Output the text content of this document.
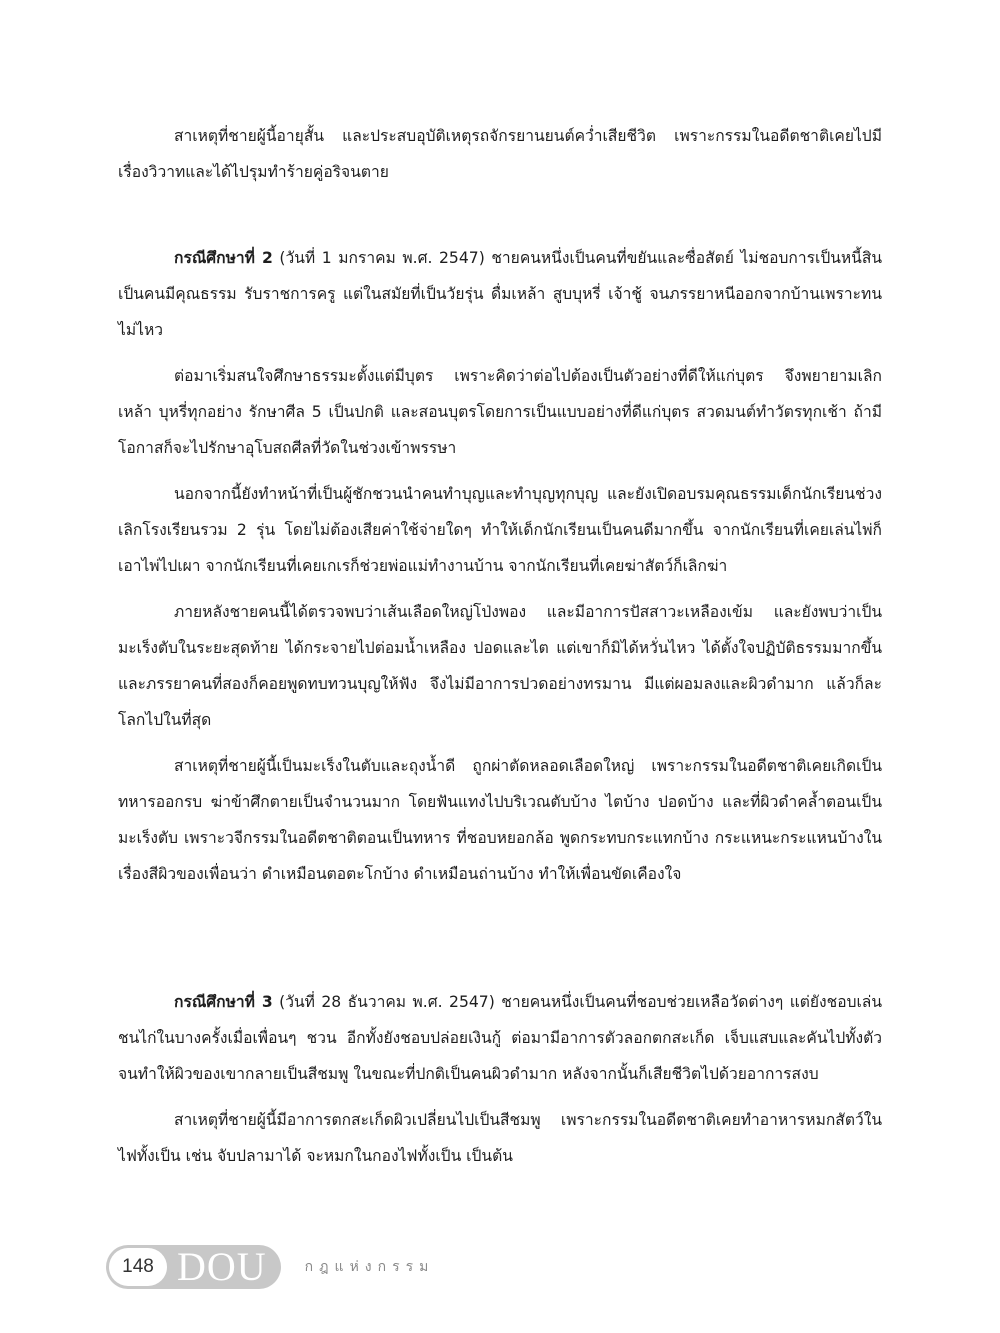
สาเหตุที่ชายผู้นี้อายุสั้น และประสบอุบัติเหตุรถจักรยานยนต์คว่ำเสียชีวิต เพราะกรรมในอดีตชาติเคยไปมีเรื่องวิวาทและได้ไปรุมทำร้ายคู่อริจนตาย

กรณีศึกษาที่ 2 (วันที่ 1 มกราคม พ.ศ. 2547) ชายคนหนึ่งเป็นคนที่ขยันและซื่อสัตย์ ไม่ชอบการเป็นหนี้สิน เป็นคนมีคุณธรรม รับราชการครู แต่ในสมัยที่เป็นวัยรุ่น ดื่มเหล้า สูบบุหรี่ เจ้าชู้ จนภรรยาหนีออกจากบ้านเพราะทนไม่ไหว

ต่อมาเริ่มสนใจศึกษาธรรมะตั้งแต่มีบุตร เพราะคิดว่าต่อไปต้องเป็นตัวอย่างที่ดีให้แก่บุตร จึงพยายามเลิกเหล้า บุหรี่ทุกอย่าง รักษาศีล 5 เป็นปกติ และสอนบุตรโดยการเป็นแบบอย่างที่ดีแก่บุตร สวดมนต์ทำวัตรทุกเช้า ถ้ามีโอกาสก็จะไปรักษาอุโบสถศีลที่วัดในช่วงเข้าพรรษา

นอกจากนี้ยังทำหน้าที่เป็นผู้ชักชวนนำคนทำบุญและทำบุญทุกบุญ และยังเปิดอบรมคุณธรรมเด็กนักเรียนช่วงเลิกโรงเรียนรวม 2 รุ่น โดยไม่ต้องเสียค่าใช้จ่ายใดๆ ทำให้เด็กนักเรียนเป็นคนดีมากขึ้น จากนักเรียนที่เคยเล่นไพ่ก็เอาไพ่ไปเผา จากนักเรียนที่เคยเกเรก็ช่วยพ่อแม่ทำงานบ้าน จากนักเรียนที่เคยฆ่าสัตว์ก็เลิกฆ่า

ภายหลังชายคนนี้ได้ตรวจพบว่าเส้นเลือดใหญ่โป่งพอง และมีอาการปัสสาวะเหลืองเข้ม และยังพบว่าเป็นมะเร็งตับในระยะสุดท้าย ได้กระจายไปต่อมน้ำเหลือง ปอดและไต แต่เขาก็มิได้หวั่นไหว ได้ตั้งใจปฏิบัติธรรมมากขึ้น และภรรยาคนที่สองก็คอยพูดทบทวนบุญให้ฟัง จึงไม่มีอาการปวดอย่างทรมาน มีแต่ผอมลงและผิวดำมาก แล้วก็ละโลกไปในที่สุด

สาเหตุที่ชายผู้นี้เป็นมะเร็งในตับและถุงน้ำดี ถูกผ่าตัดหลอดเลือดใหญ่ เพราะกรรมในอดีตชาติเคยเกิดเป็นทหารออกรบ ฆ่าข้าศึกตายเป็นจำนวนมาก โดยฟันแทงไปบริเวณตับบ้าง ไตบ้าง ปอดบ้าง และที่ผิวดำคล้ำตอนเป็นมะเร็งตับ เพราะวจีกรรมในอดีตชาติตอนเป็นทหาร ที่ชอบหยอกล้อ พูดกระทบกระแทกบ้าง กระแหนะกระแหนบ้างในเรื่องสีผิวของเพื่อนว่า ดำเหมือนตอตะโกบ้าง ดำเหมือนถ่านบ้าง ทำให้เพื่อนขัดเคืองใจ

กรณีศึกษาที่ 3 (วันที่ 28 ธันวาคม พ.ศ. 2547) ชายคนหนึ่งเป็นคนที่ชอบช่วยเหลือวัดต่างๆ แต่ยังชอบเล่นชนไก่ในบางครั้งเมื่อเพื่อนๆ ชวน อีกทั้งยังชอบปล่อยเงินกู้ ต่อมามีอาการตัวลอกตกสะเก็ด เจ็บแสบและคันไปทั้งตัว จนทำให้ผิวของเขากลายเป็นสีชมพู ในขณะที่ปกติเป็นคนผิวดำมาก หลังจากนั้นก็เสียชีวิตไปด้วยอาการสงบ

สาเหตุที่ชายผู้นี้มีอาการตกสะเก็ดผิวเปลี่ยนไปเป็นสีชมพู เพราะกรรมในอดีตชาติเคยทำอาหารหมกสัตว์ในไฟทั้งเป็น เช่น จับปลามาได้ จะหมกในกองไฟทั้งเป็น เป็นต้น

148 DOU	กฎแห่งกรรม
